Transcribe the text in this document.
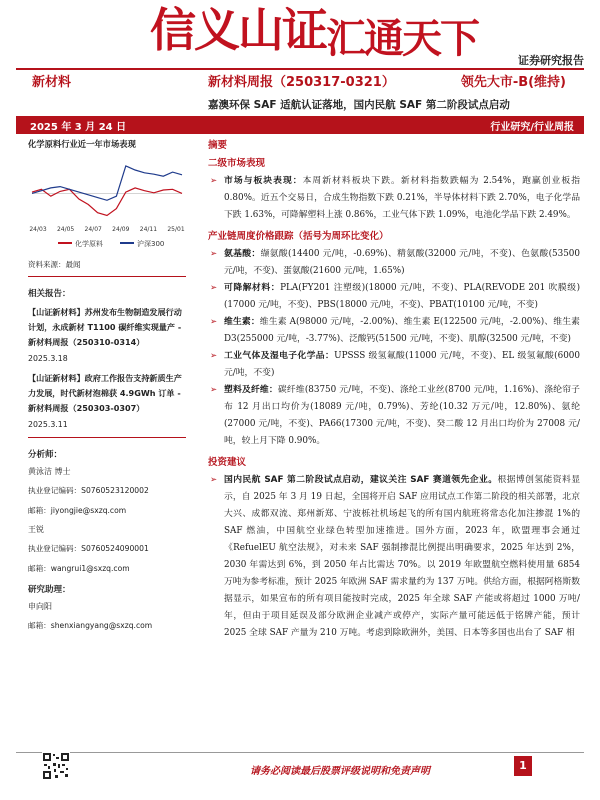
信义山证汇通天下	证券研究报告
新材料	新材料周报（250317-0321）	领先大市-B(维持)
嘉澳环保 SAF 适航认证落地，国内民航 SAF 第二阶段试点启动
2025 年 3 月 24 日	行业研究/行业周报
化学原料行业近一年市场表现
24/03 24/05 24/07 24/09 24/11 25/01
化学原料	沪深300
资料来源：最闻
相关报告：
【山证新材料】苏州发布生物制造发展行动计划，永成新材 T1100 碳纤维实现量产 - 新材料周报（250310-0314）
2025.3.18
【山证新材料】政府工作报告支持新质生产力发展，时代新材泡棉获 4.9GWh 订单 - 新材料周报（250303-0307）
2025.3.11
分析师：
黄泳洁 博士
执业登记编码：S0760523120002
邮箱：jiyongjie@sxzq.com
王锐
执业登记编码：S0760524090001
邮箱：wangrui1@sxzq.com
研究助理：
申向阳
邮箱：shenxiangyang@sxzq.com
摘要
二级市场表现
➢ 市场与板块表现：本周新材料板块下跌。新材料指数跌幅为 2.54%，跑赢创业板指 0.80%。近五个交易日，合成生物指数下跌 0.21%，半导体材料下跌 2.70%，电子化学品下跌 1.63%，可降解塑料上涨 0.86%，工业气体下跌 1.09%，电池化学品下跌 2.49%。
产业链周度价格跟踪（括号为周环比变化）
➢ 氨基酸：缬氨酸(14400 元/吨，-0.69%)、精氨酸(32000 元/吨，不变)、色氨酸(53500 元/吨，不变)、蛋氨酸(21600 元/吨，1.65%)
➢ 可降解材料：PLA(FY201 注塑级)(18000 元/吨，不变)、PLA(REVODE 201 吹膜级)(17000 元/吨，不变)、PBS(18000 元/吨，不变)、PBAT(10100 元/吨，不变)
➢ 维生素：维生素 A(98000 元/吨，-2.00%)、维生素 E(122500 元/吨，-2.00%)、维生素 D3(255000 元/吨，-3.77%)、泛酸钙(51500 元/吨，不变)、肌醇(32500 元/吨，不变)
➢ 工业气体及湿电子化学品：UPSSS 级氢氟酸(11000 元/吨，不变)、EL 级氢氟酸(6000 元/吨，不变)
➢ 塑料及纤维：碳纤维(83750 元/吨，不变)、涤纶工业丝(8700 元/吨，1.16%)、涤纶帘子布 12 月出口均价为(18089 元/吨，0.79%)、芳纶(10.32 万元/吨，12.80%)、氨纶(27000 元/吨，不变)、PA66(17300 元/吨，不变)、癸二酸 12 月出口均价为 27008 元/吨，较上月下降 0.90%。
投资建议
➢ 国内民航 SAF 第二阶段试点启动，建议关注 SAF 赛道领先企业。根据博创氢能资料显示，自 2025 年 3 月 19 日起，全国将开启 SAF 应用试点工作第二阶段的相关部署，北京大兴、成都双流、郑州新郑、宁波栎社机场起飞的所有国内航班将常态化加注掺混 1%的 SAF 燃油，中国航空业绿色转型加速推进。国外方面，2023 年，欧盟理事会通过《RefuelEU 航空法规》，对未来 SAF 强制掺混比例提出明确要求，2025 年达到 2%，2030 年需达到 6%，到 2050 年占比需达 70%。以 2019 年欧盟航空燃料使用量 6854 万吨为参考标准，预计 2025 年欧洲 SAF 需求量约为 137 万吨。供给方面，根据阿格斯数据显示，如果宣布的所有项目能按时完成，2025 年全球 SAF 产能或将超过 1000 万吨/年，但由于项目延误及部分欧洲企业减产或停产，实际产量可能远低于铭牌产能，预计 2025 全球 SAF 产量为 210 万吨。考虑到除欧洲外，美国、日本等多国也出台了 SAF 相
请务必阅读最后股票评级说明和免责声明	1
